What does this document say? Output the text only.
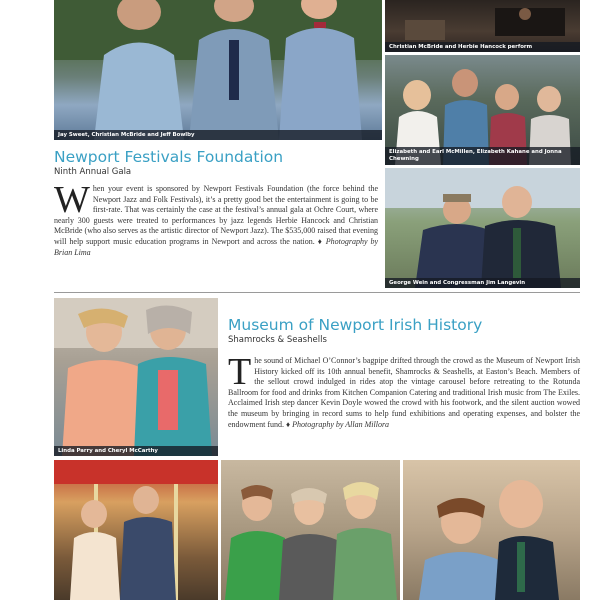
Jay Sweet, Christian McBride and Jeff Bowlby
Christian McBride and Herbie Hancock perform
Elizabeth and Earl McMillen, Elizabeth Kahane and Jonna Chewning
George Wein and Congressman Jim Langevin
Newport Festivals Foundation
Ninth Annual Gala

When your event is sponsored by Newport Festivals Foundation (the force behind the Newport Jazz and Folk Festivals), it’s a pretty good bet the entertainment is going to be first-rate. That was certainly the case at the festival’s annual gala at Ochre Court, where nearly 300 guests were treated to performances by jazz legends Herbie Hancock and Christian McBride (who also serves as the artistic director of Newport Jazz). The $535,000 raised that evening will help support music education programs in Newport and across the nation. ♦ Photography by Brian Lima

Linda Parry and Cheryl McCarthy
Museum of Newport Irish History
Shamrocks & Seashells

The sound of Michael O’Connor’s bagpipe drifted through the crowd as the Museum of Newport Irish History kicked off its 10th annual benefit, Shamrocks & Seashells, at Easton’s Beach. Members of the sellout crowd indulged in rides atop the vintage carousel before retreating to the Rotunda Ballroom for food and drinks from Kitchen Companion Catering and traditional Irish music from The Exiles. Acclaimed Irish step dancer Kevin Doyle wowed the crowd with his footwork, and the silent auction wowed the museum by bringing in record sums to help fund exhibitions and operating expenses, and bolster the endowment fund. ♦ Photography by Allan Millora
